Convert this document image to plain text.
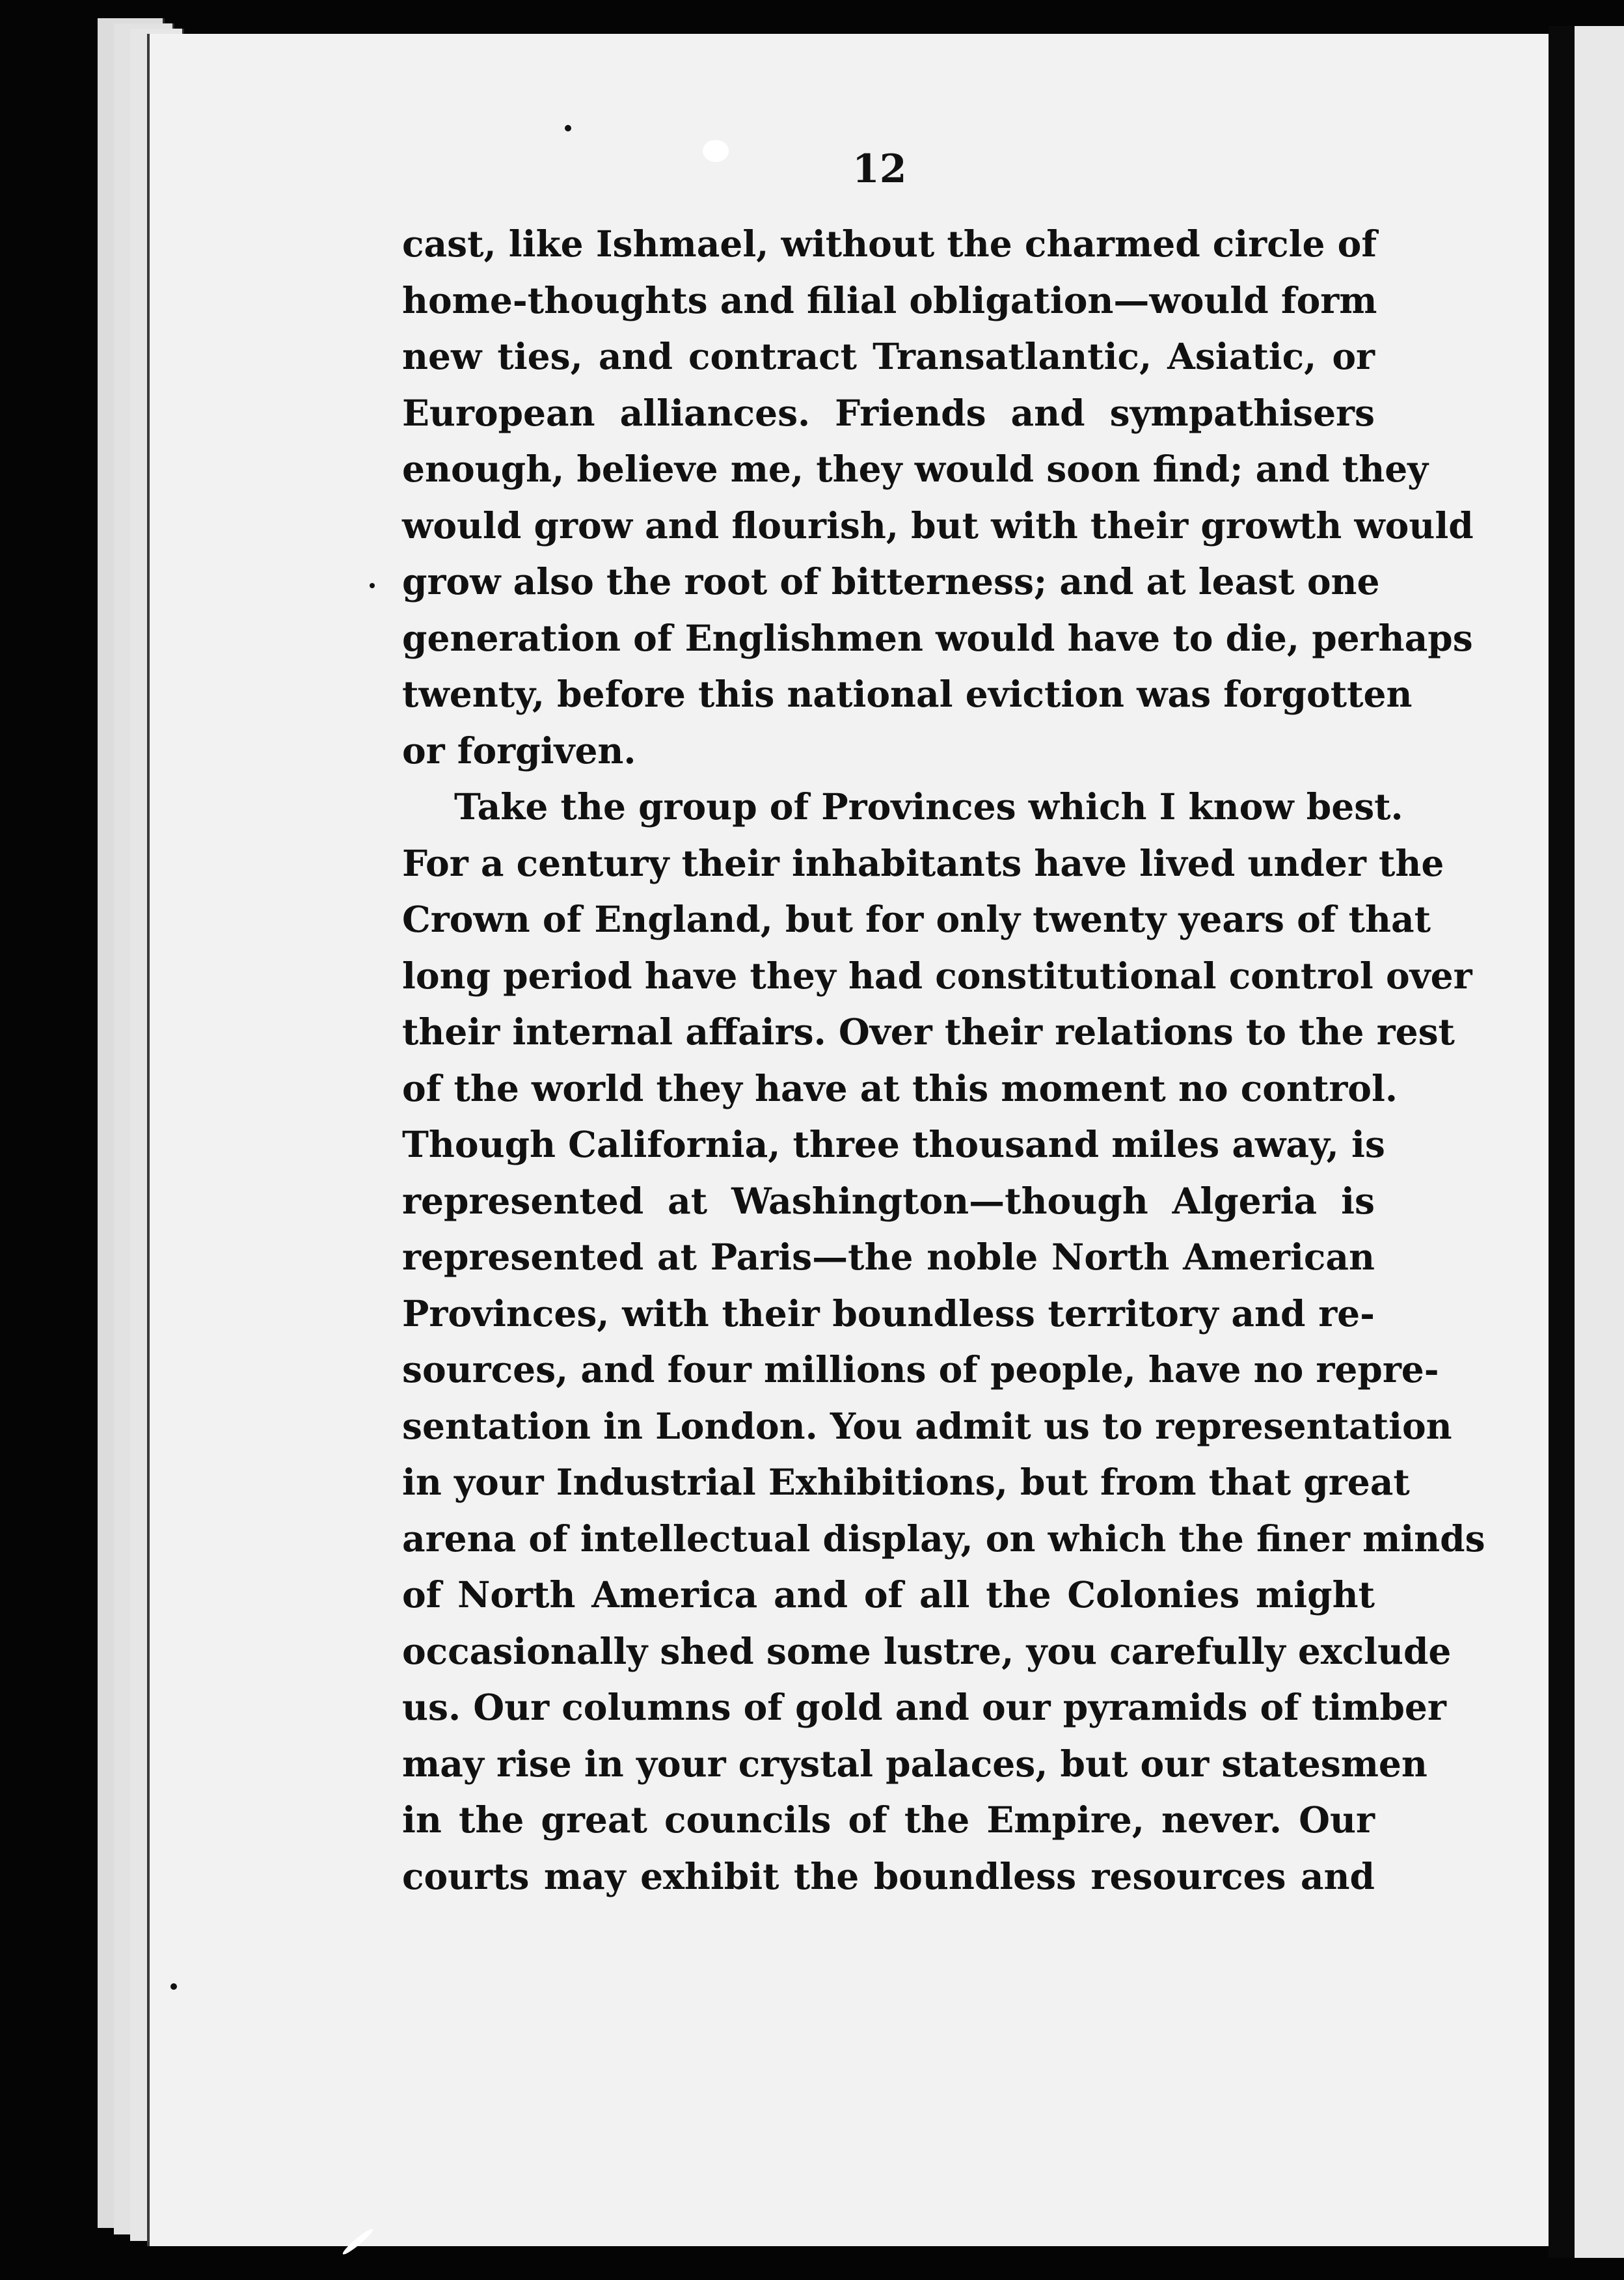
12

cast, like Ishmael, without the charmed circle of
home-thoughts and filial obligation—would form
new ties, and contract Transatlantic, Asiatic, or
European alliances. Friends and sympathisers
enough, believe me, they would soon find; and they
would grow and flourish, but with their growth would
grow also the root of bitterness; and at least one
generation of Englishmen would have to die, perhaps
twenty, before this national eviction was forgotten
or forgiven.
Take the group of Provinces which I know best.
For a century their inhabitants have lived under the
Crown of England, but for only twenty years of that
long period have they had constitutional control over
their internal affairs. Over their relations to the rest
of the world they have at this moment no control.
Though California, three thousand miles away, is
represented at Washington—though Algeria is
represented at Paris—the noble North American
Provinces, with their boundless territory and re-
sources, and four millions of people, have no repre-
sentation in London. You admit us to representation
in your Industrial Exhibitions, but from that great
arena of intellectual display, on which the finer minds
of North America and of all the Colonies might
occasionally shed some lustre, you carefully exclude
us. Our columns of gold and our pyramids of timber
may rise in your crystal palaces, but our statesmen
in the great councils of the Empire, never. Our
courts may exhibit the boundless resources and
